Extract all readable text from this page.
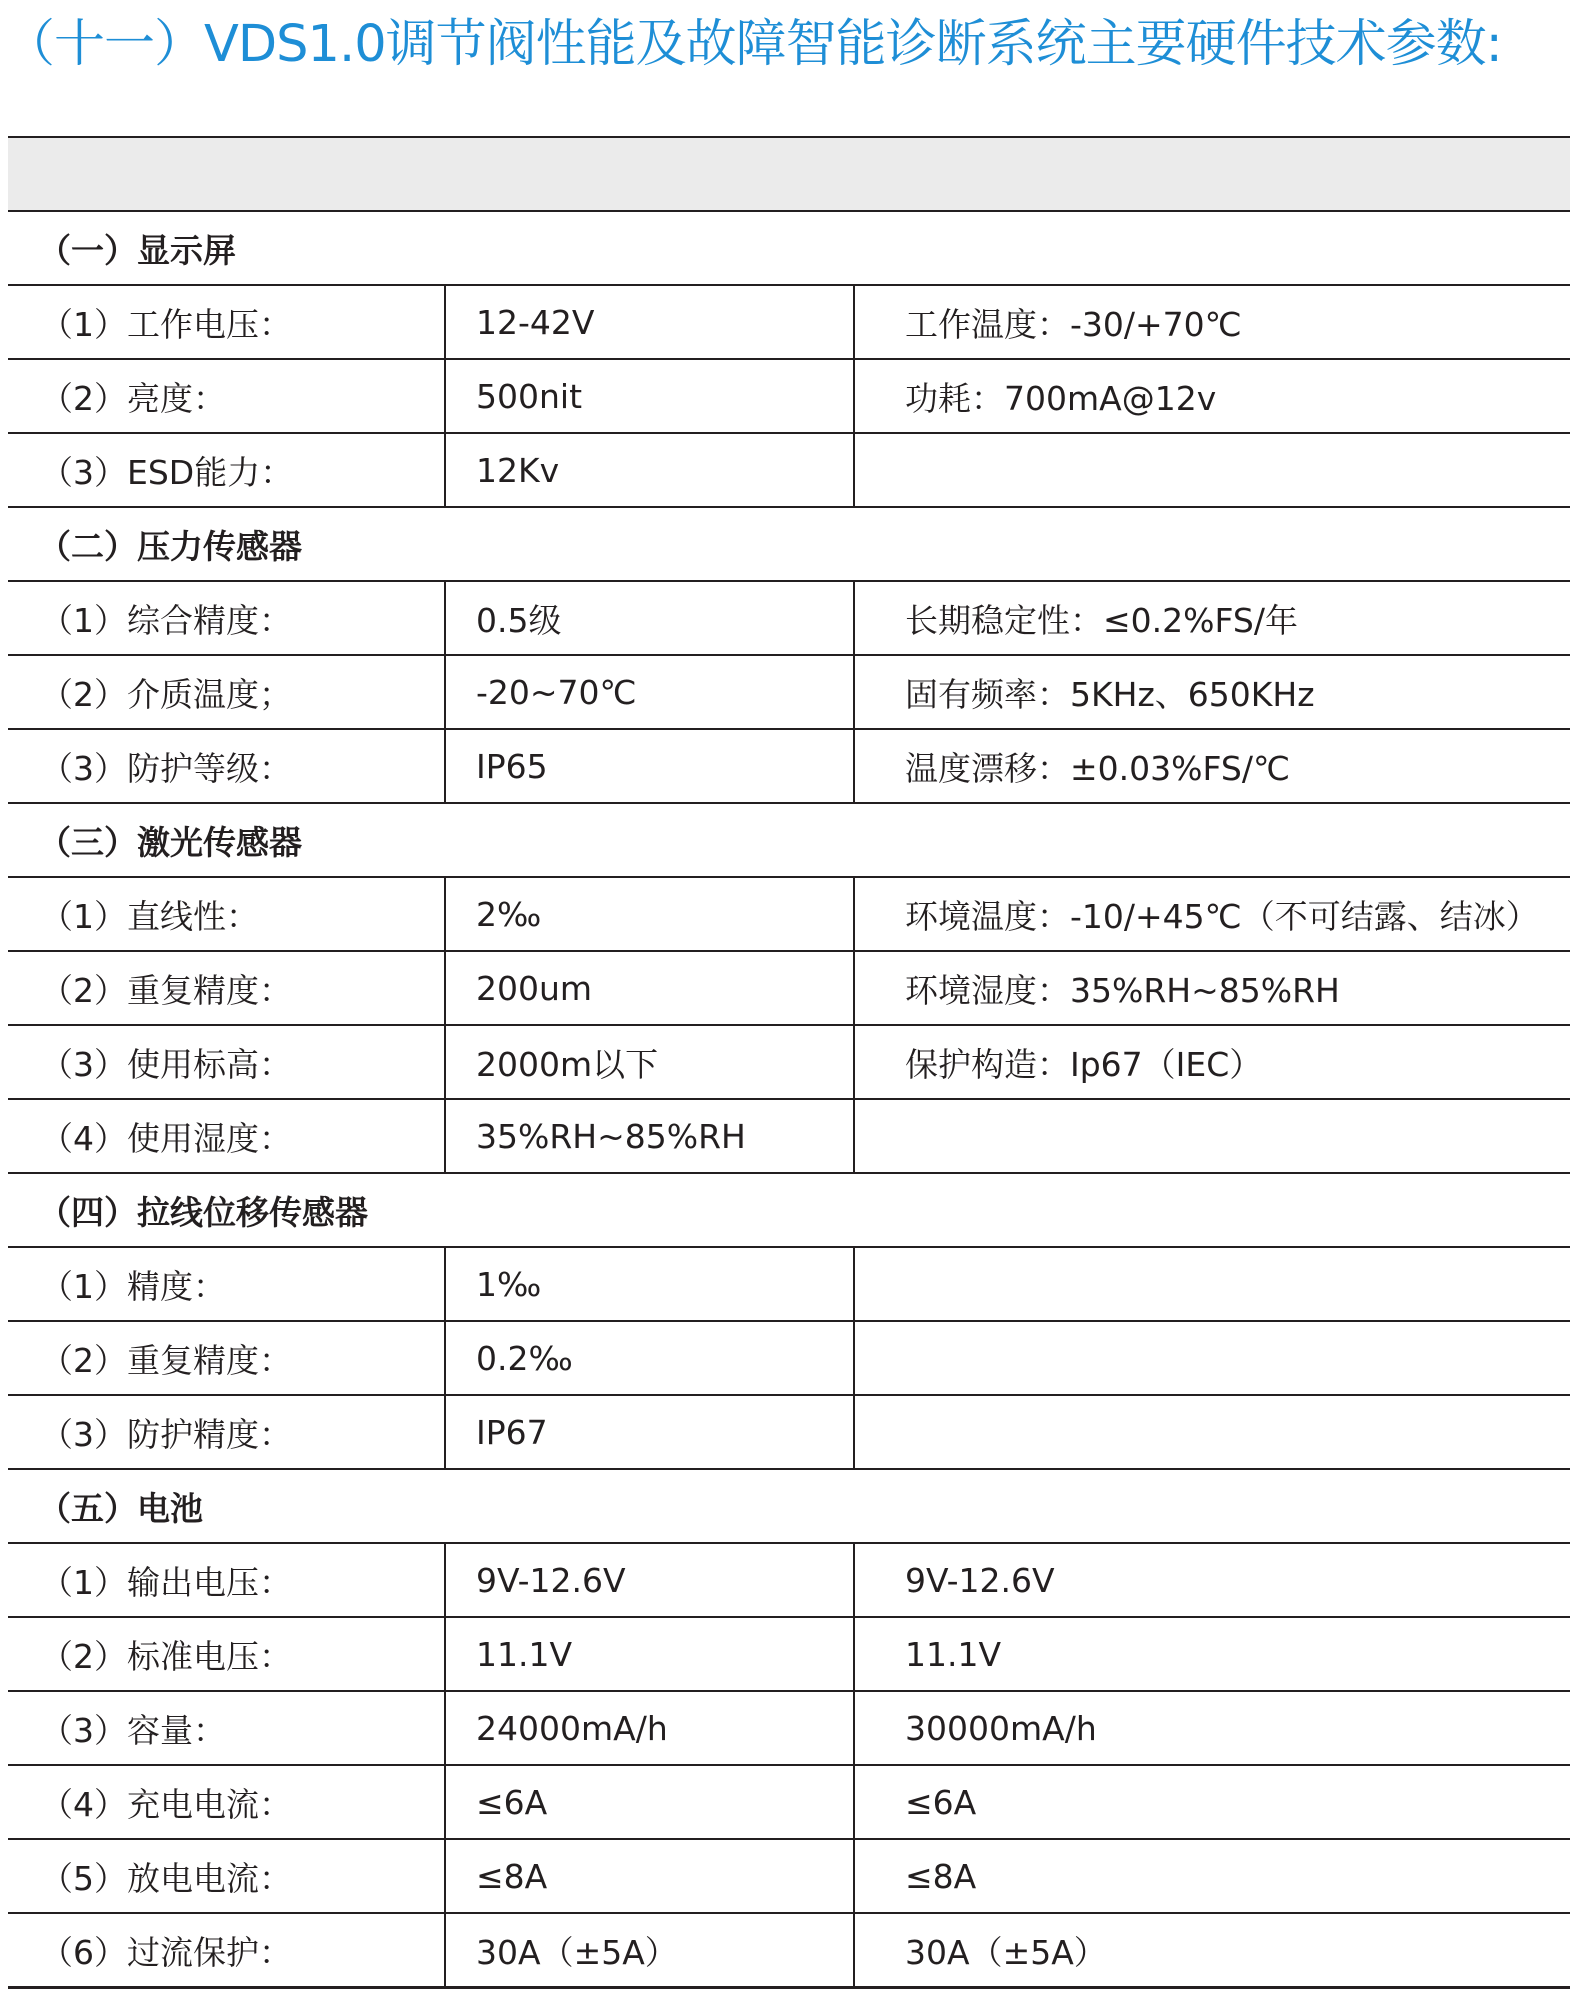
（十一）VDS1.0调节阀性能及故障智能诊断系统主要硬件技术参数:

（一）显示屏		
（1）工作电压：	12-42V	工作温度：-30/+70℃
（2）亮度：	500nit	功耗：700mA@12v
（3）ESD能力：	12Kv	
（二）压力传感器		
（1）综合精度：	0.5级	长期稳定性：≤0.2%FS/年
（2）介质温度；	-20~70℃	固有频率：5KHz、650KHz
（3）防护等级：	IP65	温度漂移：±0.03%FS/℃
（三）激光传感器		
（1）直线性：	2‰	环境温度：-10/+45℃（不可结露、结冰）
（2）重复精度：	200um	环境湿度：35%RH~85%RH
（3）使用标高：	2000m以下	保护构造：Ip67（IEC）
（4）使用湿度：	35%RH~85%RH	
（四）拉线位移传感器		
（1）精度：	1‰	
（2）重复精度：	0.2‰	
（3）防护精度：	IP67	
（五）电池		
（1）输出电压：	9V-12.6V	9V-12.6V
（2）标准电压：	11.1V	11.1V
（3）容量：	24000mA/h	30000mA/h
（4）充电电流：	≤6A	≤6A
（5）放电电流：	≤8A	≤8A
（6）过流保护：	30A（±5A）	30A（±5A）
